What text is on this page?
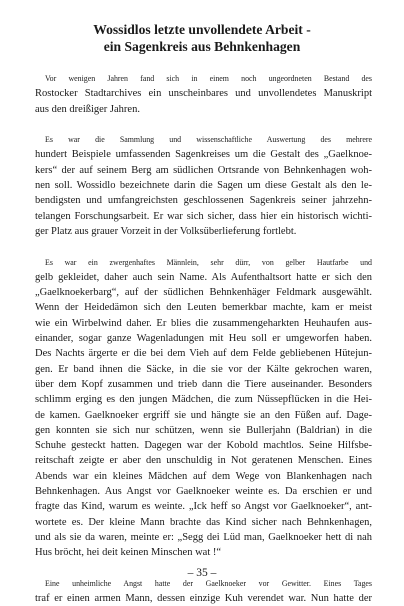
Wossidlos letzte unvollendete Arbeit -
ein Sagenkreis aus Behnkenhagen

Vor wenigen Jahren fand sich in einem noch ungeordneten Bestand des
Rostocker Stadtarchives ein unscheinbares und unvollendetes Manuskript
aus den dreißiger Jahren.

Es war die Sammlung und wissenschaftliche Auswertung des mehrere
hundert Beispiele umfassenden Sagenkreises um die Gestalt des „Gaelknoe-
kers“ der auf seinem Berg am südlichen Ortsrande von Behnkenhagen woh-
nen soll. Wossidlo bezeichnete darin die Sagen um diese Gestalt als den le-
bendigsten und umfangreichsten geschlossenen Sagenkreis seiner jahrzehn-
telangen Forschungsarbeit. Er war sich sicher, dass hier ein historisch wichti-
ger Platz aus grauer Vorzeit in der Volksüberlieferung fortlebt.

Es war ein zwergenhaftes Männlein, sehr dürr, von gelber Hautfarbe und
gelb gekleidet, daher auch sein Name. Als Aufenthaltsort hatte er sich den
„Gaelknoekerbarg“, auf der südlichen Behnkenhäger Feldmark ausgewählt.
Wenn der Heidedämon sich den Leuten bemerkbar machte, kam er meist
wie ein Wirbelwind daher. Er blies die zusammengeharkten Heuhaufen aus-
einander, sogar ganze Wagenladungen mit Heu soll er umgeworfen haben.
Des Nachts ärgerte er die bei dem Vieh auf dem Felde gebliebenen Hütejun-
gen. Er band ihnen die Säcke, in die sie vor der Kälte gekrochen waren,
über dem Kopf zusammen und trieb dann die Tiere auseinander. Besonders
schlimm erging es den jungen Mädchen, die zum Nüssepflücken in die Hei-
de kamen. Gaelknoeker ergriff sie und hängte sie an den Füßen auf. Dage-
gen konnten sie sich nur schützen, wenn sie Bullerjahn (Baldrian) in die
Schuhe gesteckt hatten. Dagegen war der Kobold machtlos. Seine Hilfsbe-
reitschaft zeigte er aber den unschuldig in Not geratenen Menschen. Eines
Abends war ein kleines Mädchen auf dem Wege von Blankenhagen nach
Behnkenhagen. Aus Angst vor Gaelknoeker weinte es. Da erschien er und
fragte das Kind, warum es weinte. „Ick heff so Angst vor Gaelknoeker“, ant-
wortete es. Der kleine Mann brachte das Kind sicher nach Behnkenhagen,
und als sie da waren, meinte er: „Segg dei Lüd man, Gaelknoeker hett di nah
Hus bröcht, hei deit keinen Minschen wat !“

Eine unheimliche Angst hatte der Gaelknoeker vor Gewitter. Eines Tages
traf er einen armen Mann, dessen einzige Kuh verendet war. Nun hatte der

– 35 –
